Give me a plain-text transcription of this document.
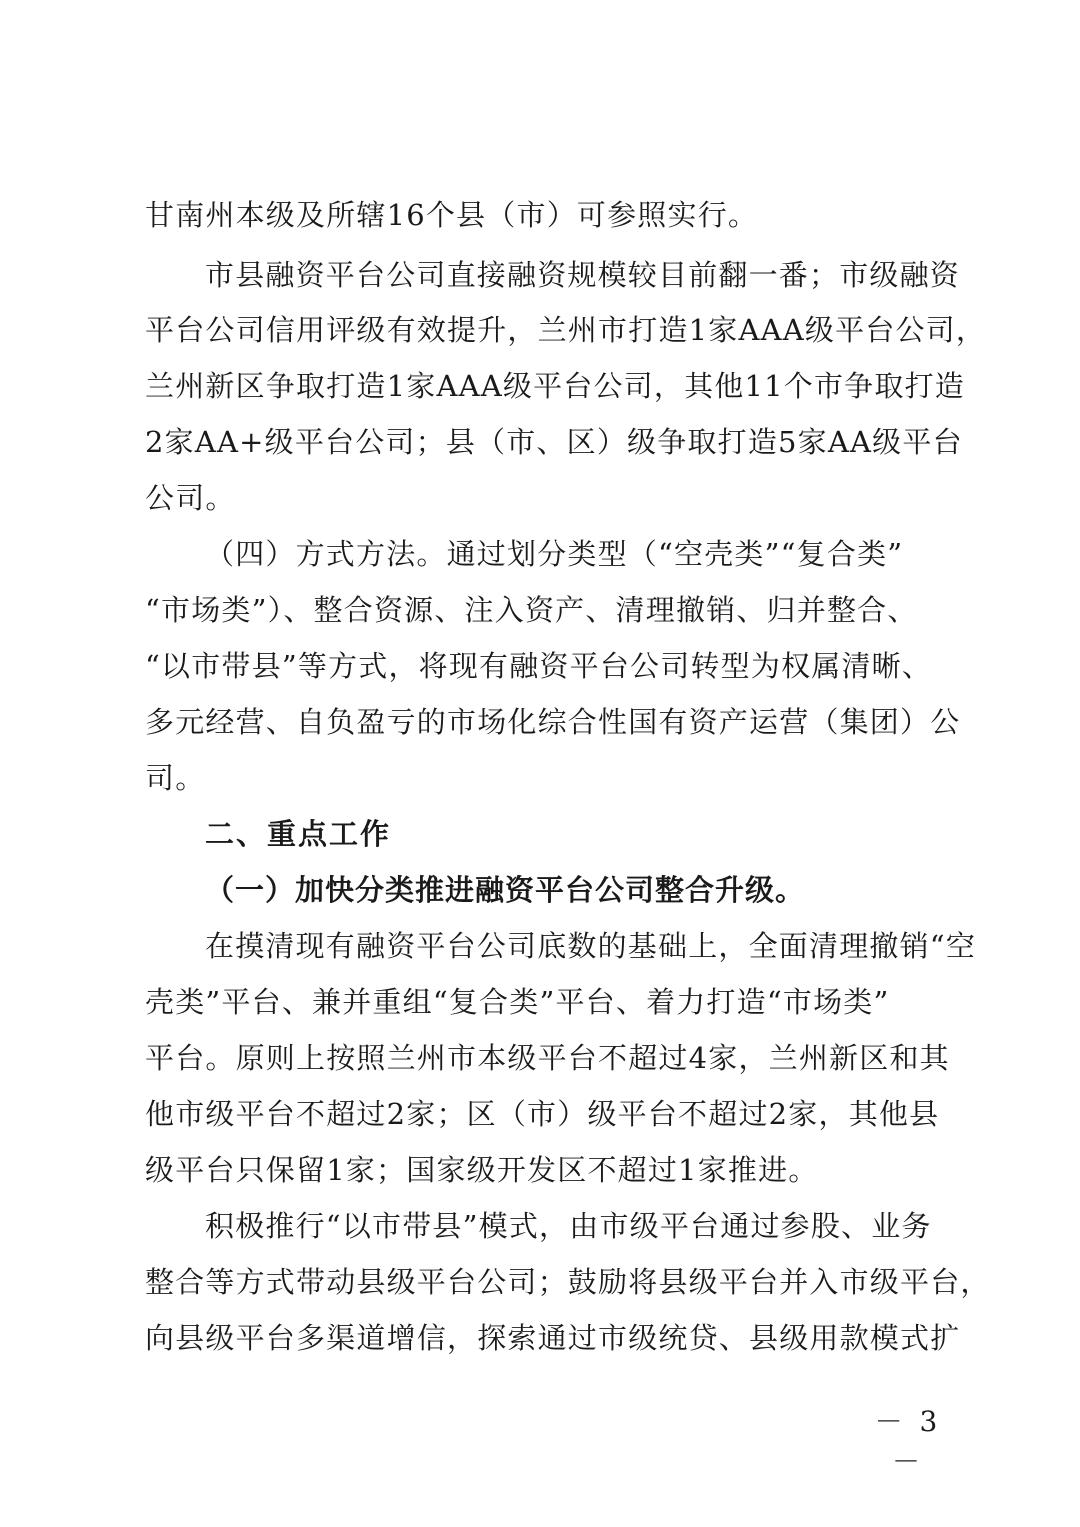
甘南州本级及所辖16个县（市）可参照实行。
市县融资平台公司直接融资规模较目前翻一番；市级融资
平台公司信用评级有效提升，兰州市打造1家AAA级平台公司，
兰州新区争取打造1家AAA级平台公司，其他11个市争取打造
2家AA+级平台公司；县（市、区）级争取打造5家AA级平台
公司。
（四）方式方法。通过划分类型（“空壳类”“复合类”
“市场类”）、整合资源、注入资产、清理撤销、归并整合、
“以市带县”等方式，将现有融资平台公司转型为权属清晰、
多元经营、自负盈亏的市场化综合性国有资产运营（集团）公
司。
二、重点工作
（一）加快分类推进融资平台公司整合升级。
在摸清现有融资平台公司底数的基础上，全面清理撤销“空
壳类”平台、兼并重组“复合类”平台、着力打造“市场类”
平台。原则上按照兰州市本级平台不超过4家，兰州新区和其
他市级平台不超过2家；区（市）级平台不超过2家，其他县
级平台只保留1家；国家级开发区不超过1家推进。
积极推行“以市带县”模式，由市级平台通过参股、业务
整合等方式带动县级平台公司；鼓励将县级平台并入市级平台，
向县级平台多渠道增信，探索通过市级统贷、县级用款模式扩
－ 3 －
